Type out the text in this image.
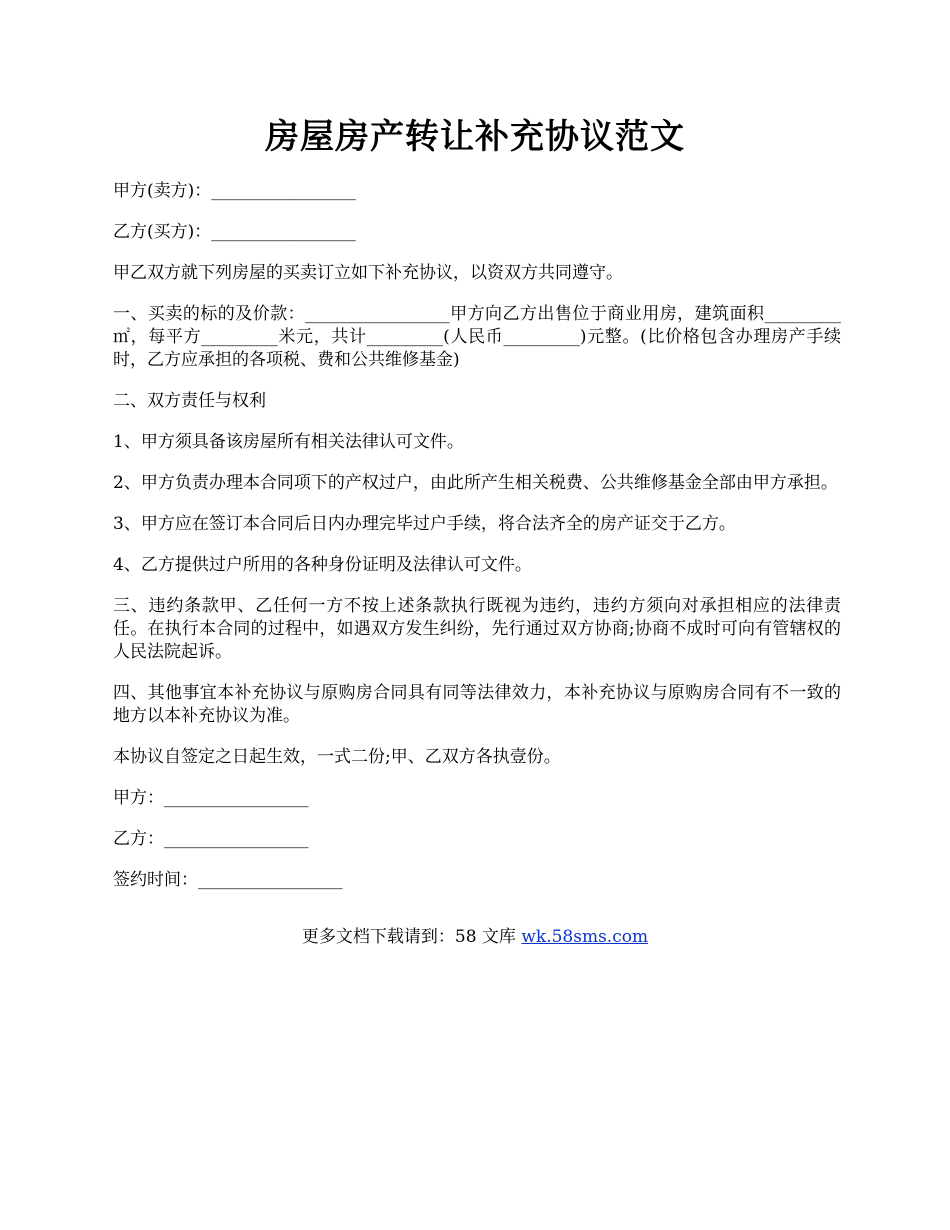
房屋房产转让补充协议范文

甲方(卖方)：_________________

乙方(买方)：_________________

甲乙双方就下列房屋的买卖订立如下补充协议，以资双方共同遵守。

一、买卖的标的及价款：_________________甲方向乙方出售位于商业用房，建筑面积_________㎡，每平方_________米元，共计_________(人民币_________)元整。(比价格包含办理房产手续时，乙方应承担的各项税、费和公共维修基金)

二、双方责任与权利

1、甲方须具备该房屋所有相关法律认可文件。

2、甲方负责办理本合同项下的产权过户，由此所产生相关税费、公共维修基金全部由甲方承担。

3、甲方应在签订本合同后日内办理完毕过户手续，将合法齐全的房产证交于乙方。

4、乙方提供过户所用的各种身份证明及法律认可文件。

三、违约条款甲、乙任何一方不按上述条款执行既视为违约，违约方须向对承担相应的法律责任。在执行本合同的过程中，如遇双方发生纠纷，先行通过双方协商;协商不成时可向有管辖权的人民法院起诉。

四、其他事宜本补充协议与原购房合同具有同等法律效力，本补充协议与原购房合同有不一致的地方以本补充协议为准。

本协议自签定之日起生效，一式二份;甲、乙双方各执壹份。

甲方：_________________

乙方：_________________

签约时间：_________________

更多文档下载请到：58 文库 wk.58sms.com
